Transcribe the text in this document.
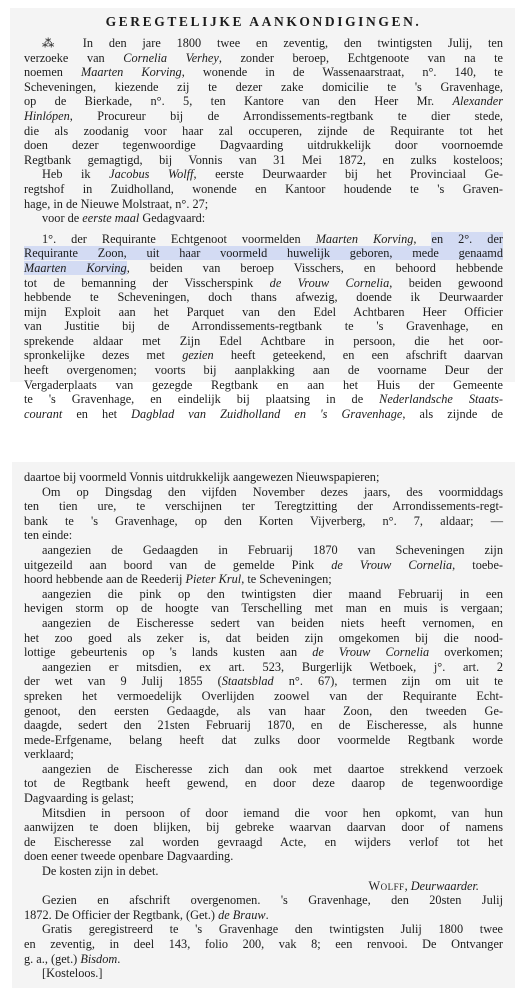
GEREGTELIJKE AANKONDIGINGEN.
⁂ In den jare 1800 twee en zeventig, den twintigsten Julij, ten
verzoeke van Cornelia Verhey, zonder beroep, Echtgenoote van na te
noemen Maarten Korving, wonende in de Wassenaarstraat, n°. 140, te
Scheveningen, kiezende zij te dezer zake domicilie te 's Gravenhage,
op de Bierkade, n°. 5, ten Kantore van den Heer Mr. Alexander
Hinlópen, Procureur bij de Arrondissements-regtbank te dier stede,
die als zoodanig voor haar zal occuperen, zijnde de Requirante tot het
doen dezer tegenwoordige Dagvaarding uitdrukkelijk door voornoemde
Regtbank gemagtigd, bij Vonnis van 31 Mei 1872, en zulks kosteloos;
Heb ik Jacobus Wolff, eerste Deurwaarder bij het Provinciaal Ge-
regtshof in Zuidholland, wonende en Kantoor houdende te 's Graven-
hage, in de Nieuwe Molstraat, n°. 27;
voor de eerste maal Gedagvaard:
1°. der Requirante Echtgenoot voormelden Maarten Korving, en 2°. der
Requirante Zoon, uit haar voormeld huwelijk geboren, mede genaamd
Maarten Korving, beiden van beroep Visschers, en behoord hebbende
tot de bemanning der Visscherspink de Vrouw Cornelia, beiden gewoond
hebbende te Scheveningen, doch thans afwezig, doende ik Deurwaarder
mijn Exploit aan het Parquet van den Edel Achtbaren Heer Officier
van Justitie bij de Arrondissements-regtbank te 's Gravenhage, en
sprekende aldaar met Zijn Edel Achtbare in persoon, die het oor-
spronkelijke dezes met gezien heeft geteekend, en een afschrift daarvan
heeft overgenomen; voorts bij aanplakking aan de voorname Deur der
Vergaderplaats van gezegde Regtbank en aan het Huis der Gemeente
te 's Gravenhage, en eindelijk bij plaatsing in de Nederlandsche Staats-
courant en het Dagblad van Zuidholland en 's Gravenhage, als zijnde de
daartoe bij voormeld Vonnis uitdrukkelijk aangewezen Nieuwspapieren;
Om op Dingsdag den vijfden November dezes jaars, des voormiddags
ten tien ure, te verschijnen ter Teregtzitting der Arrondissements-regt-
bank te 's Gravenhage, op den Korten Vijverberg, n°. 7, aldaar; —
ten einde:
aangezien de Gedaagden in Februarij 1870 van Scheveningen zijn
uitgezeild aan boord van de gemelde Pink de Vrouw Cornelia, toebe-
hoord hebbende aan de Reederij Pieter Krul, te Scheveningen;
aangezien die pink op den twintigsten dier maand Februarij in een
hevigen storm op de hoogte van Terschelling met man en muis is vergaan;
aangezien de Eischeresse sedert van beiden niets heeft vernomen, en
het zoo goed als zeker is, dat beiden zijn omgekomen bij die nood-
lottige gebeurtenis op 's lands kusten aan de Vrouw Cornelia overkomen;
aangezien er mitsdien, ex art. 523, Burgerlijk Wetboek, j°. art. 2
der wet van 9 Julij 1855 (Staatsblad n°. 67), termen zijn om uit te
spreken het vermoedelijk Overlijden zoowel van der Requirante Echt-
genoot, den eersten Gedaagde, als van haar Zoon, den tweeden Ge-
daagde, sedert den 21sten Februarij 1870, en de Eischeresse, als hunne
mede-Erfgename, belang heeft dat zulks door voormelde Regtbank worde
verklaard;
aangezien de Eischeresse zich dan ook met daartoe strekkend verzoek
tot de Regtbank heeft gewend, en door deze daarop de tegenwoordige
Dagvaarding is gelast;
Mitsdien in persoon of door iemand die voor hen opkomt, van hun
aanwijzen te doen blijken, bij gebreke waarvan daarvan door of namens
de Eischeresse zal worden gevraagd Acte, en wijders verlof tot het
doen eener tweede openbare Dagvaarding.
De kosten zijn in debet.
Wolff, Deurwaarder.
Gezien en afschrift overgenomen. 's Gravenhage, den 20sten Julij
1872. De Officier der Regtbank, (Get.) de Brauw.
Gratis geregistreerd te 's Gravenhage den twintigsten Julij 1800 twee
en zeventig, in deel 143, folio 200, vak 8; een renvooi. De Ontvanger
g. a., (get.) Bisdom.
[Kosteloos.]
